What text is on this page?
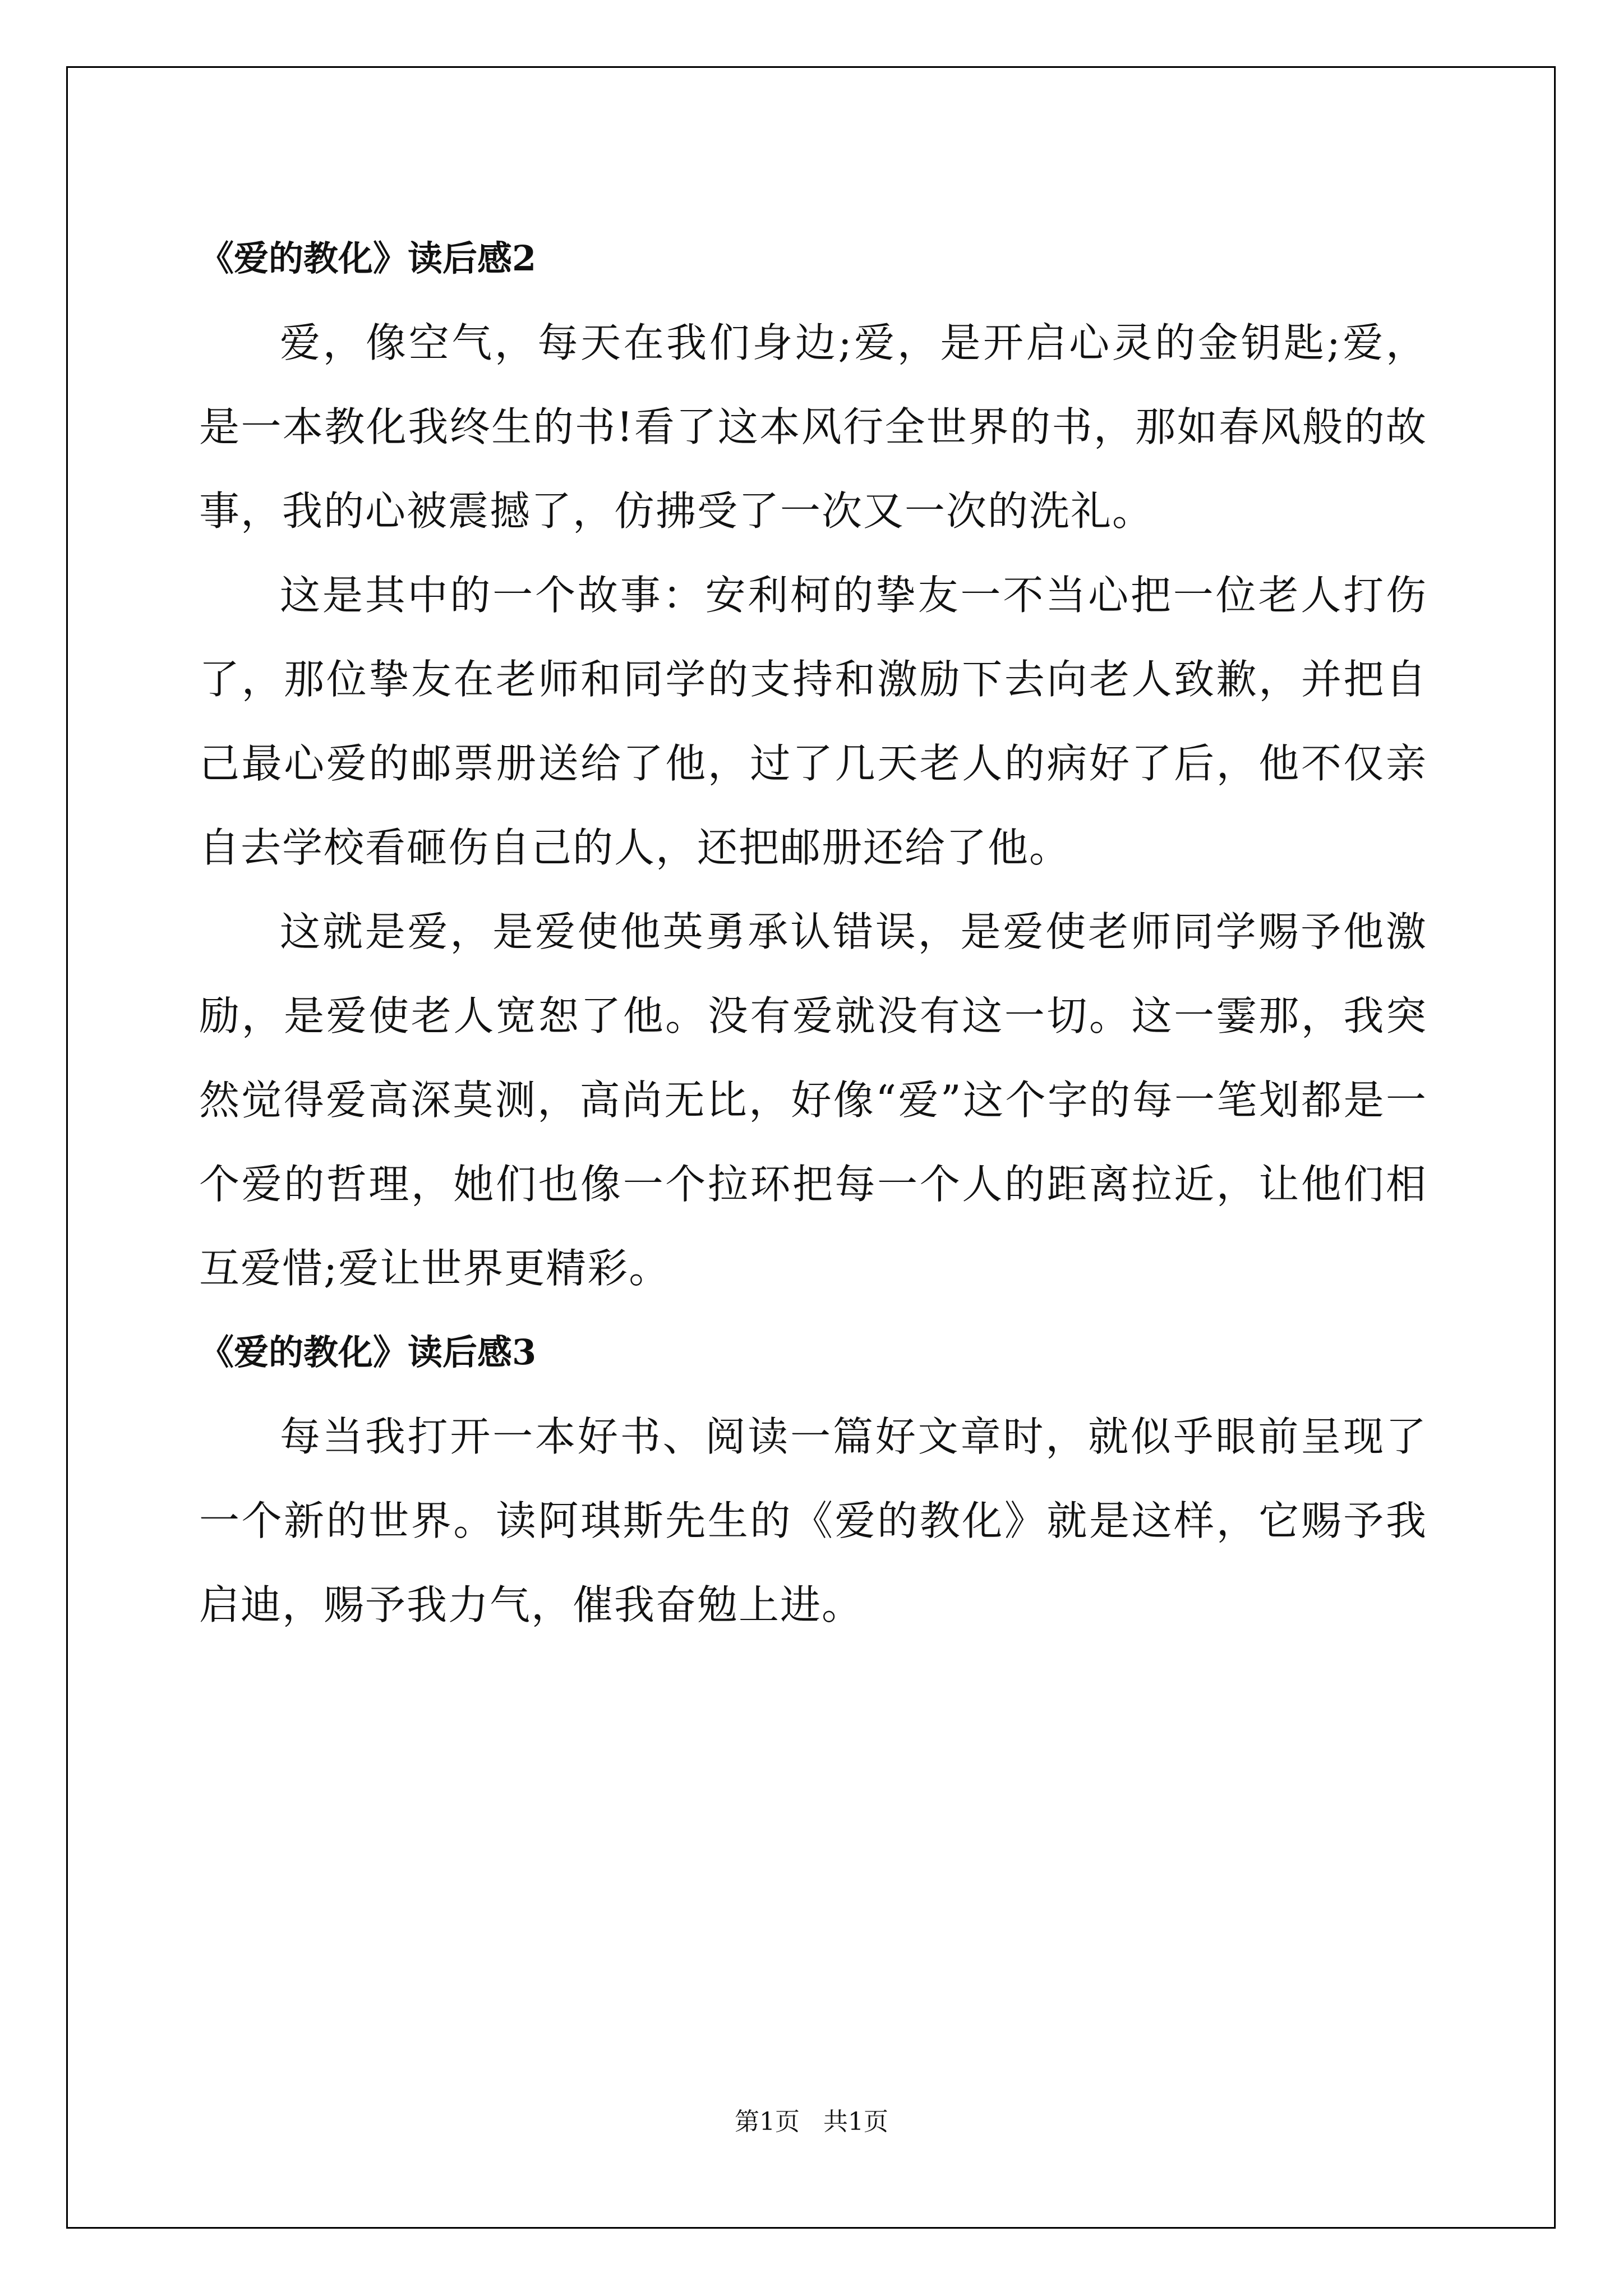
《爱的教化》读后感2

爱，像空气，每天在我们身边;爱，是开启心灵的金钥匙;爱，是一本教化我终生的书!看了这本风行全世界的书，那如春风般的故事，我的心被震撼了，仿拂受了一次又一次的洗礼。

这是其中的一个故事：安利柯的挚友一不当心把一位老人打伤了，那位挚友在老师和同学的支持和激励下去向老人致歉，并把自己最心爱的邮票册送给了他，过了几天老人的病好了后，他不仅亲自去学校看砸伤自己的人，还把邮册还给了他。

这就是爱，是爱使他英勇承认错误，是爱使老师同学赐予他激励，是爱使老人宽恕了他。没有爱就没有这一切。这一霎那，我突然觉得爱高深莫测，高尚无比，好像“爱”这个字的每一笔划都是一个爱的哲理，她们也像一个拉环把每一个人的距离拉近，让他们相互爱惜;爱让世界更精彩。

《爱的教化》读后感3

每当我打开一本好书、阅读一篇好文章时，就似乎眼前呈现了一个新的世界。读阿琪斯先生的《爱的教化》就是这样，它赐予我启迪，赐予我力气，催我奋勉上进。

第1页   共1页
